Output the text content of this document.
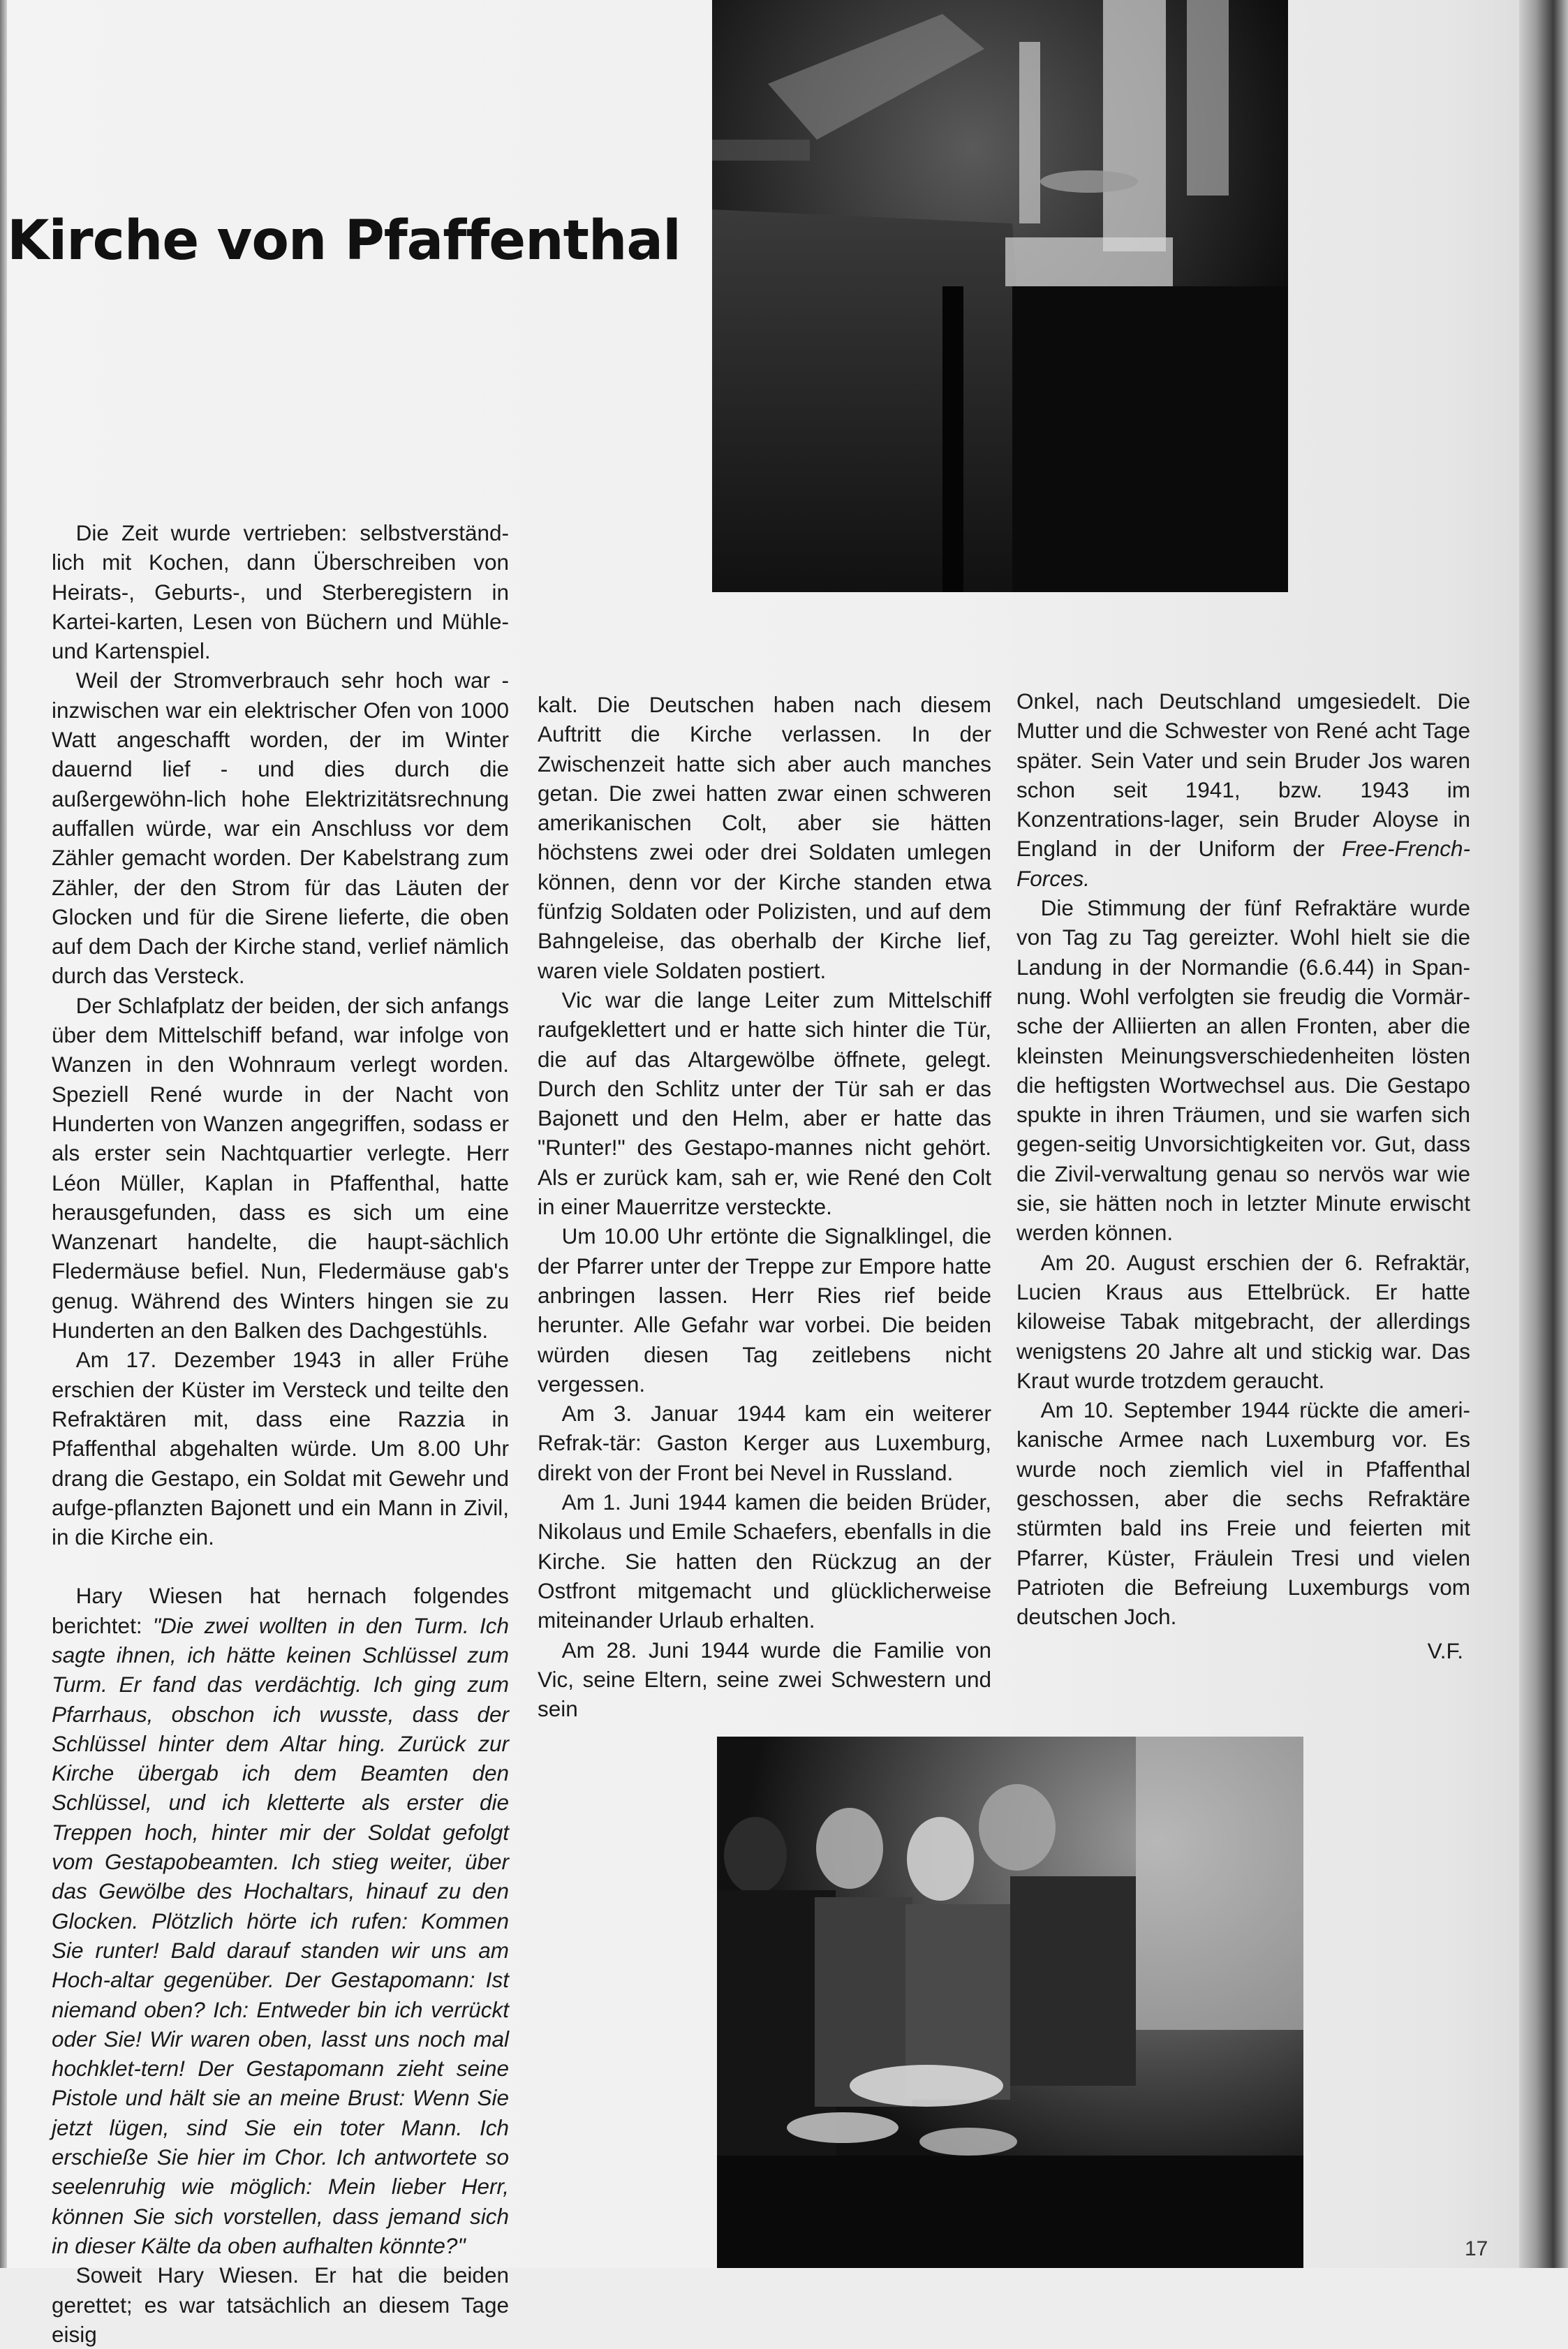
Kirche von Pfaffenthal

Die Zeit wurde vertrieben: selbstverständ-lich mit Kochen, dann Überschreiben von Heirats-, Geburts-, und Sterberegistern in Kartei-karten, Lesen von Büchern und Mühle- und Kartenspiel.

Weil der Stromverbrauch sehr hoch war - inzwischen war ein elektrischer Ofen von 1000 Watt angeschafft worden, der im Winter dauernd lief - und dies durch die außergewöhn-lich hohe Elektrizitätsrechnung auffallen würde, war ein Anschluss vor dem Zähler gemacht worden. Der Kabelstrang zum Zähler, der den Strom für das Läuten der Glocken und für die Sirene lieferte, die oben auf dem Dach der Kirche stand, verlief nämlich durch das Versteck.

Der Schlafplatz der beiden, der sich anfangs über dem Mittelschiff befand, war infolge von Wanzen in den Wohnraum verlegt worden. Speziell René wurde in der Nacht von Hunderten von Wanzen angegriffen, sodass er als erster sein Nachtquartier verlegte. Herr Léon Müller, Kaplan in Pfaffenthal, hatte herausgefunden, dass es sich um eine Wanzenart handelte, die haupt-sächlich Fledermäuse befiel. Nun, Fledermäuse gab's genug. Während des Winters hingen sie zu Hunderten an den Balken des Dachgestühls.

Am 17. Dezember 1943 in aller Frühe erschien der Küster im Versteck und teilte den Refraktären mit, dass eine Razzia in Pfaffenthal abgehalten würde. Um 8.00 Uhr drang die Gestapo, ein Soldat mit Gewehr und aufge-pflanzten Bajonett und ein Mann in Zivil, in die Kirche ein.

Hary Wiesen hat hernach folgendes berichtet: "Die zwei wollten in den Turm. Ich sagte ihnen, ich hätte keinen Schlüssel zum Turm. Er fand das verdächtig. Ich ging zum Pfarrhaus, obschon ich wusste, dass der Schlüssel hinter dem Altar hing. Zurück zur Kirche übergab ich dem Beamten den Schlüssel, und ich kletterte als erster die Treppen hoch, hinter mir der Soldat gefolgt vom Gestapobeamten. Ich stieg weiter, über das Gewölbe des Hochaltars, hinauf zu den Glocken. Plötzlich hörte ich rufen: Kommen Sie runter! Bald darauf standen wir uns am Hoch-altar gegenüber. Der Gestapomann: Ist niemand oben? Ich: Entweder bin ich verrückt oder Sie! Wir waren oben, lasst uns noch mal hochklet-tern! Der Gestapomann zieht seine Pistole und hält sie an meine Brust: Wenn Sie jetzt lügen, sind Sie ein toter Mann. Ich erschieße Sie hier im Chor. Ich antwortete so seelenruhig wie möglich: Mein lieber Herr, können Sie sich vorstellen, dass jemand sich in dieser Kälte da oben aufhalten könnte?"

Soweit Hary Wiesen. Er hat die beiden gerettet; es war tatsächlich an diesem Tage eisig

kalt. Die Deutschen haben nach diesem Auftritt die Kirche verlassen. In der Zwischenzeit hatte sich aber auch manches getan. Die zwei hatten zwar einen schweren amerikanischen Colt, aber sie hätten höchstens zwei oder drei Soldaten umlegen können, denn vor der Kirche standen etwa fünfzig Soldaten oder Polizisten, und auf dem Bahngeleise, das oberhalb der Kirche lief, waren viele Soldaten postiert.

Vic war die lange Leiter zum Mittelschiff raufgeklettert und er hatte sich hinter die Tür, die auf das Altargewölbe öffnete, gelegt. Durch den Schlitz unter der Tür sah er das Bajonett und den Helm, aber er hatte das "Runter!" des Gestapo-mannes nicht gehört. Als er zurück kam, sah er, wie René den Colt in einer Mauerritze versteckte.

Um 10.00 Uhr ertönte die Signalklingel, die der Pfarrer unter der Treppe zur Empore hatte anbringen lassen. Herr Ries rief beide herunter. Alle Gefahr war vorbei. Die beiden würden diesen Tag zeitlebens nicht vergessen.

Am 3. Januar 1944 kam ein weiterer Refrak-tär: Gaston Kerger aus Luxemburg, direkt von der Front bei Nevel in Russland.

Am 1. Juni 1944 kamen die beiden Brüder, Nikolaus und Emile Schaefers, ebenfalls in die Kirche. Sie hatten den Rückzug an der Ostfront mitgemacht und glücklicherweise miteinander Urlaub erhalten.

Am 28. Juni 1944 wurde die Familie von Vic, seine Eltern, seine zwei Schwestern und sein

Onkel, nach Deutschland umgesiedelt. Die Mutter und die Schwester von René acht Tage später. Sein Vater und sein Bruder Jos waren schon seit 1941, bzw. 1943 im Konzentrations-lager, sein Bruder Aloyse in England in der Uniform der Free-French-Forces.

Die Stimmung der fünf Refraktäre wurde von Tag zu Tag gereizter. Wohl hielt sie die Landung in der Normandie (6.6.44) in Span-nung. Wohl verfolgten sie freudig die Vormär-sche der Alliierten an allen Fronten, aber die kleinsten Meinungsverschiedenheiten lösten die heftigsten Wortwechsel aus. Die Gestapo spukte in ihren Träumen, und sie warfen sich gegen-seitig Unvorsichtigkeiten vor. Gut, dass die Zivil-verwaltung genau so nervös war wie sie, sie hätten noch in letzter Minute erwischt werden können.

Am 20. August erschien der 6. Refraktär, Lucien Kraus aus Ettelbrück. Er hatte kiloweise Tabak mitgebracht, der allerdings wenigstens 20 Jahre alt und stickig war. Das Kraut wurde trotzdem geraucht.

Am 10. September 1944 rückte die ameri-kanische Armee nach Luxemburg vor. Es wurde noch ziemlich viel in Pfaffenthal geschossen, aber die sechs Refraktäre stürmten bald ins Freie und feierten mit Pfarrer, Küster, Fräulein Tresi und vielen Patrioten die Befreiung Luxemburgs vom deutschen Joch.

V.F.

17
